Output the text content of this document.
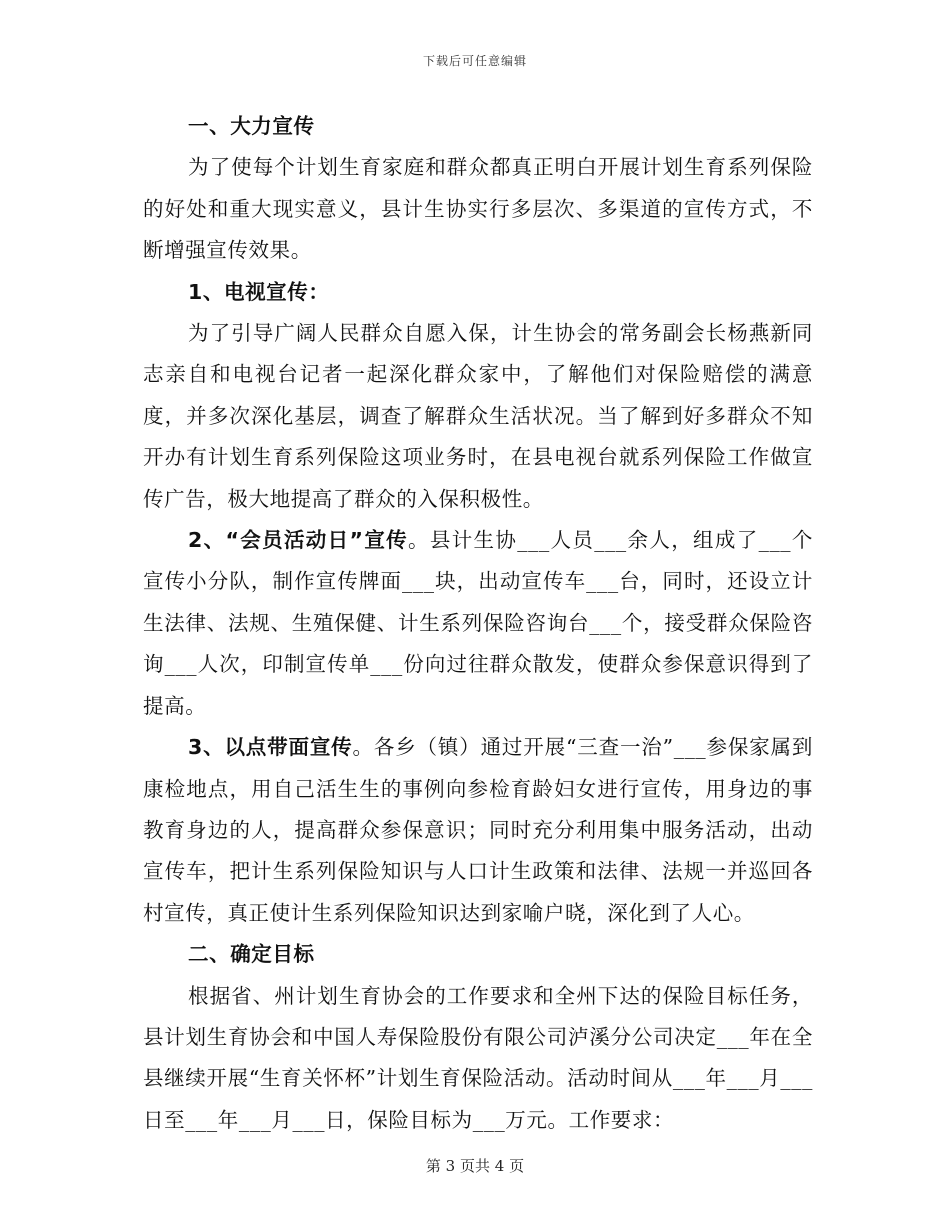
下载后可任意编辑

一、大力宣传

为了使每个计划生育家庭和群众都真正明白开展计划生育系列保险的好处和重大现实意义，县计生协实行多层次、多渠道的宣传方式，不断增强宣传效果。

1、电视宣传：

为了引导广阔人民群众自愿入保，计生协会的常务副会长杨燕新同志亲自和电视台记者一起深化群众家中，了解他们对保险赔偿的满意度，并多次深化基层，调查了解群众生活状况。当了解到好多群众不知开办有计划生育系列保险这项业务时，在县电视台就系列保险工作做宣传广告，极大地提高了群众的入保积极性。

2、“会员活动日”宣传。县计生协___人员___余人，组成了___个宣传小分队，制作宣传牌面___块，出动宣传车___台，同时，还设立计生法律、法规、生殖保健、计生系列保险咨询台___个，接受群众保险咨询___人次，印制宣传单___份向过往群众散发，使群众参保意识得到了提高。

3、以点带面宣传。各乡（镇）通过开展“三查一治”___参保家属到康检地点，用自己活生生的事例向参检育龄妇女进行宣传，用身边的事教育身边的人，提高群众参保意识；同时充分利用集中服务活动，出动宣传车，把计生系列保险知识与人口计生政策和法律、法规一并巡回各村宣传，真正使计生系列保险知识达到家喻户晓，深化到了人心。

二、确定目标

根据省、州计划生育协会的工作要求和全州下达的保险目标任务，县计划生育协会和中国人寿保险股份有限公司泸溪分公司决定___年在全县继续开展“生育关怀杯”计划生育保险活动。活动时间从___年___月___日至___年___月___日，保险目标为___万元。工作要求：

第 3 页共 4 页
